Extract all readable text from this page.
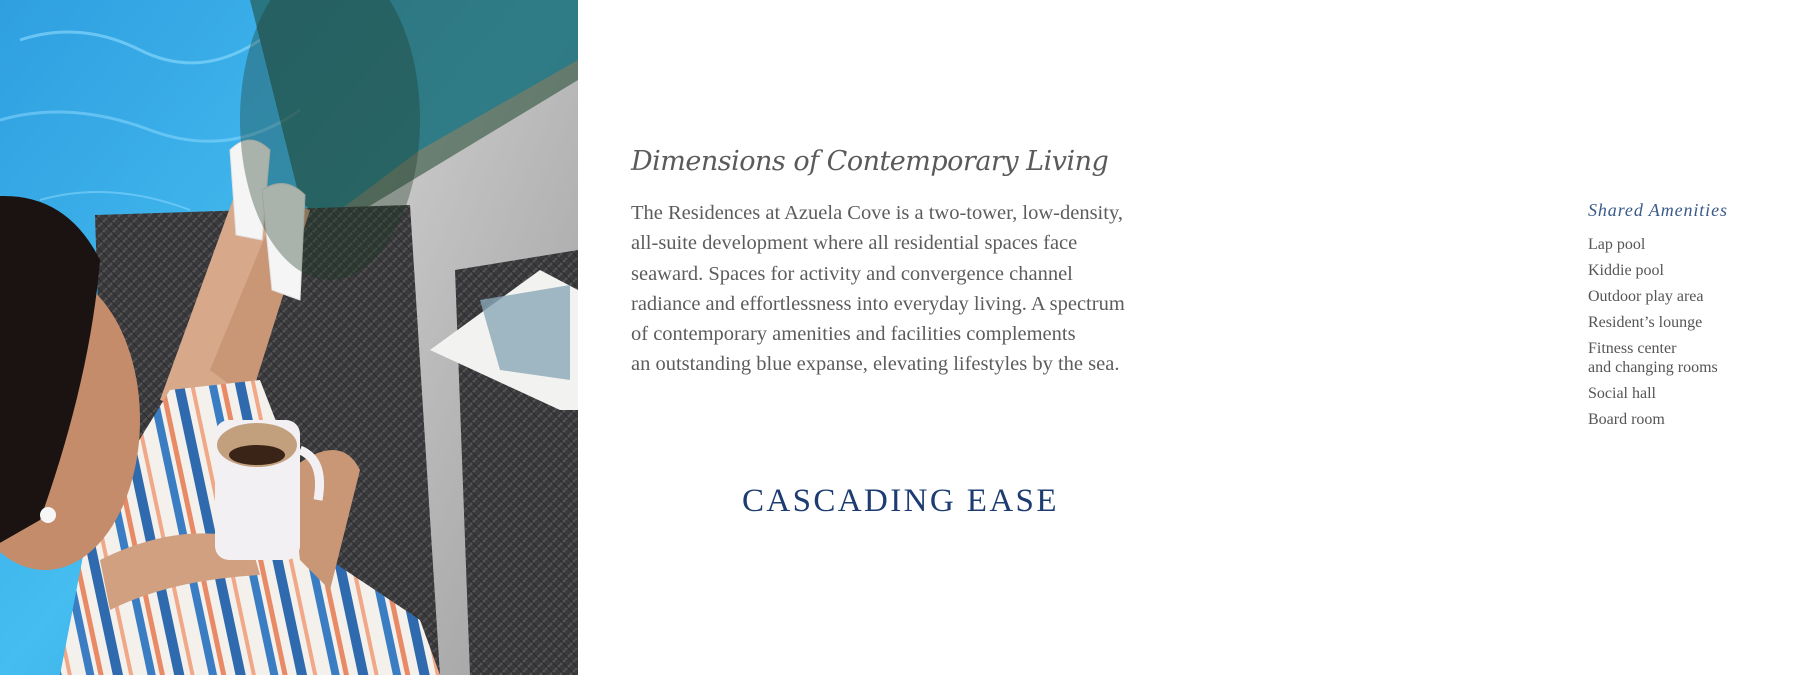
Dimensions of Contemporary Living

The Residences at Azuela Cove is a two-tower, low-density,
all-suite development where all residential spaces face
seaward. Spaces for activity and convergence channel
radiance and effortlessness into everyday living. A spectrum
of contemporary amenities and facilities complements
an outstanding blue expanse, elevating lifestyles by the sea.

CASCADING EASE
Shared Amenities
Lap pool
Kiddie pool
Outdoor play area
Resident’s lounge
Fitness center
and changing rooms
Social hall
Board room
